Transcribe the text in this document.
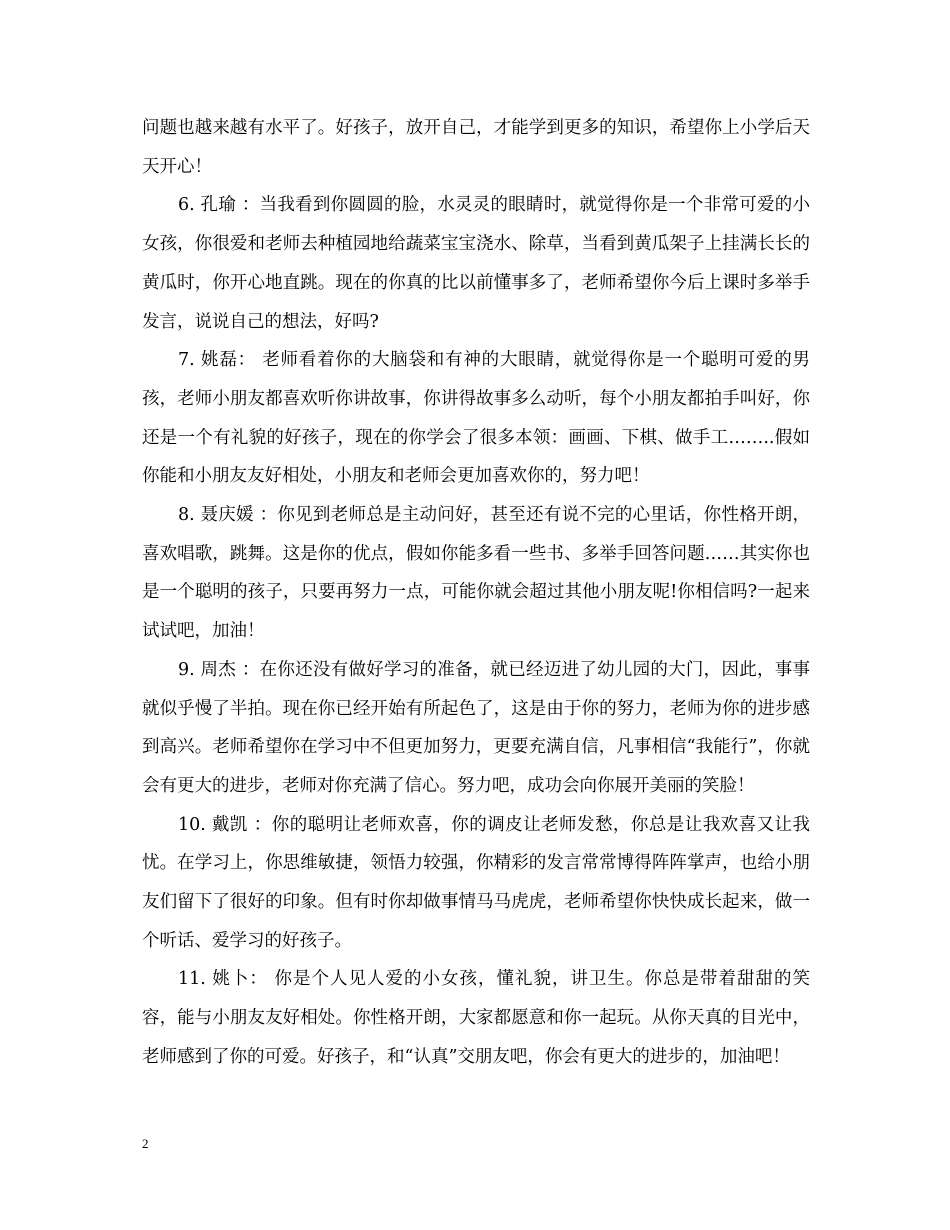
问题也越来越有水平了。好孩子，放开自己，才能学到更多的知识，希望你上小学后天天开心！

6. 孔瑜 ：当我看到你圆圆的脸，水灵灵的眼睛时，就觉得你是一个非常可爱的小女孩，你很爱和老师去种植园地给蔬菜宝宝浇水、除草，当看到黄瓜架子上挂满长长的黄瓜时，你开心地直跳。现在的你真的比以前懂事多了，老师希望你今后上课时多举手发言，说说自己的想法，好吗?

7. 姚磊： 老师看着你的大脑袋和有神的大眼睛，就觉得你是一个聪明可爱的男孩，老师小朋友都喜欢听你讲故事，你讲得故事多么动听，每个小朋友都拍手叫好，你还是一个有礼貌的好孩子，现在的你学会了很多本领：画画、下棋、做手工……..假如你能和小朋友友好相处，小朋友和老师会更加喜欢你的，努力吧！

8. 聂庆媛 ：你见到老师总是主动问好，甚至还有说不完的心里话，你性格开朗，喜欢唱歌，跳舞。这是你的优点，假如你能多看一些书、多举手回答问题……其实你也是一个聪明的孩子，只要再努力一点，可能你就会超过其他小朋友呢!你相信吗?一起来试试吧，加油！

9. 周杰 ：在你还没有做好学习的准备，就已经迈进了幼儿园的大门，因此，事事就似乎慢了半拍。现在你已经开始有所起色了，这是由于你的努力，老师为你的进步感到高兴。老师希望你在学习中不但更加努力，更要充满自信，凡事相信“我能行”，你就会有更大的进步，老师对你充满了信心。努力吧，成功会向你展开美丽的笑脸！

10. 戴凯 ：你的聪明让老师欢喜，你的调皮让老师发愁，你总是让我欢喜又让我忧。在学习上，你思维敏捷，领悟力较强，你精彩的发言常常博得阵阵掌声，也给小朋友们留下了很好的印象。但有时你却做事情马马虎虎，老师希望你快快成长起来，做一个听话、爱学习的好孩子。

11. 姚卜： 你是个人见人爱的小女孩，懂礼貌，讲卫生。你总是带着甜甜的笑容，能与小朋友友好相处。你性格开朗，大家都愿意和你一起玩。从你天真的目光中，老师感到了你的可爱。好孩子，和“认真”交朋友吧，你会有更大的进步的，加油吧！

2
